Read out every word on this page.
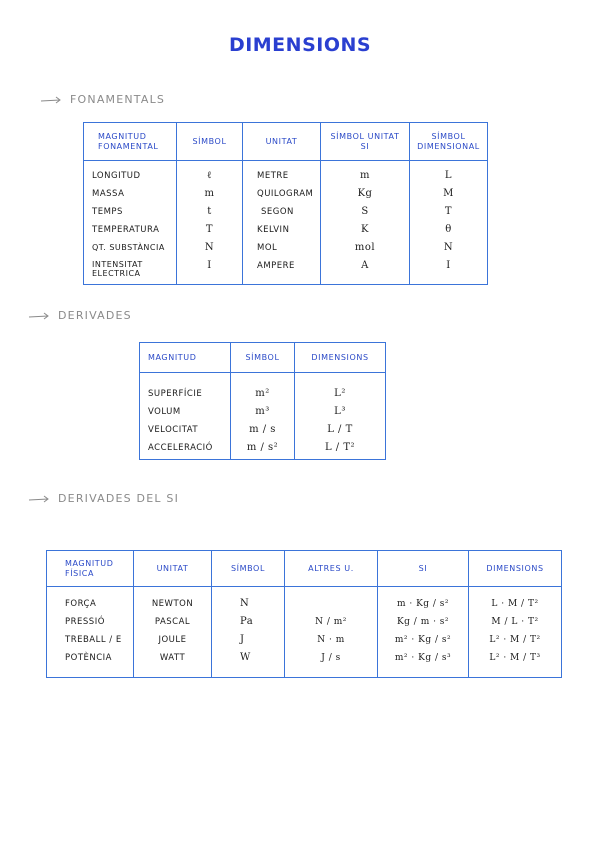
DIMENSIONS
FONAMENTALS
MAGNITUD FONAMENTAL	SÍMBOL	UNITAT	SÍMBOL UNITAT SI	SÍMBOL DIMENSIONAL

LONGITUD	ℓ	METRE	m	L
MASSA	m	QUILOGRAM	Kg	M
TEMPS	t	SEGON	S	T
TEMPERATURA	T	KELVIN	K	θ
QT. SUBSTÀNCIA	N	MOL	mol	N
INTENSITAT ELECTRICA	I	AMPERE	A	I
DERIVADES
MAGNITUD	SÍMBOL	DIMENSIONS

SUPERFÍCIE	m²	L²
VOLUM	m³	L³
VELOCITAT	m / s	L / T
ACCELERACIÓ	m / s²	L / T²
DERIVADES DEL SI
MAGNITUD FÍSICA	UNITAT	SÍMBOL	ALTRES U.	SI	DIMENSIONS

FORÇA	NEWTON	N		m · Kg / s²	L · M / T²
PRESSIÓ	PASCAL	Pa	N / m²	Kg / m · s²	M / L · T²
TREBALL / E	JOULE	J	N · m	m² · Kg / s²	L² · M / T²
POTÈNCIA	WATT	W	J / s	m² · Kg / s³	L² · M / T³
